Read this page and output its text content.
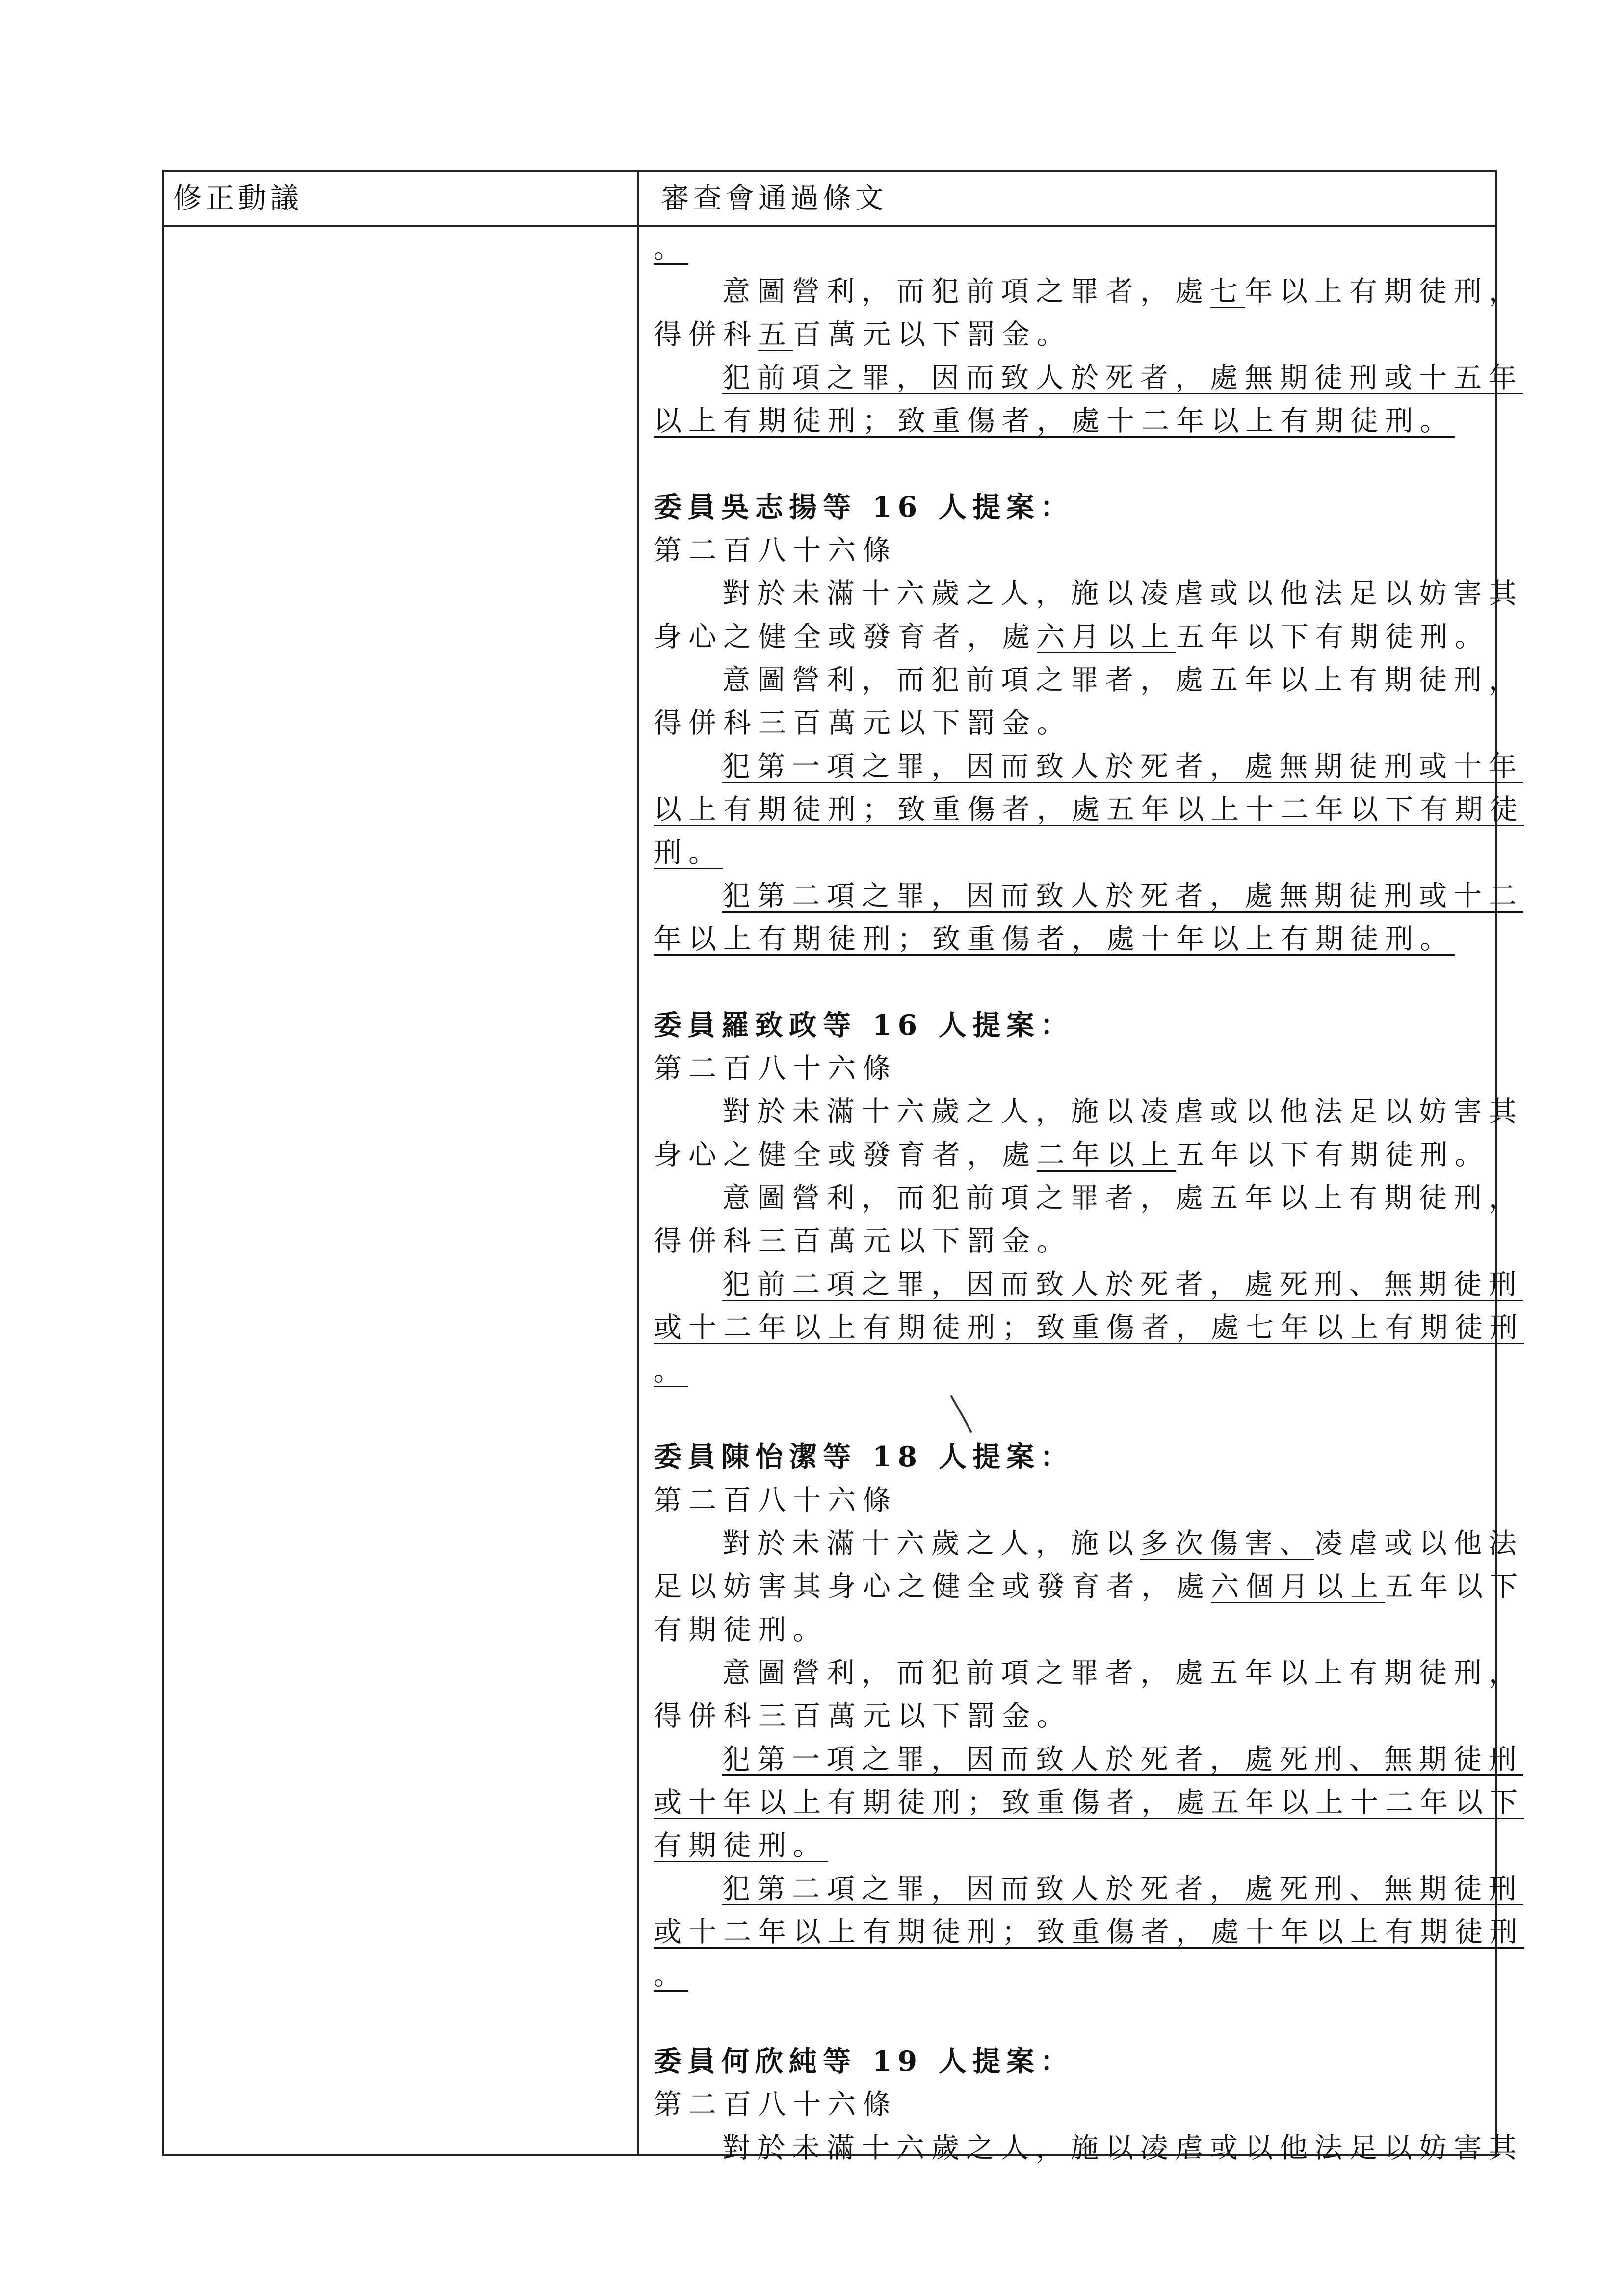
修正動議	審查會通過條文
。
意圖營利，而犯前項之罪者，處七年以上有期徒刑，
得併科五百萬元以下罰金。
犯前項之罪，因而致人於死者，處無期徒刑或十五年
以上有期徒刑；致重傷者，處十二年以上有期徒刑。
委員吳志揚等 16 人提案：
第二百八十六條
對於未滿十六歲之人，施以凌虐或以他法足以妨害其
身心之健全或發育者，處六月以上五年以下有期徒刑。
意圖營利，而犯前項之罪者，處五年以上有期徒刑，
得併科三百萬元以下罰金。
犯第一項之罪，因而致人於死者，處無期徒刑或十年
以上有期徒刑；致重傷者，處五年以上十二年以下有期徒
刑。
犯第二項之罪，因而致人於死者，處無期徒刑或十二
年以上有期徒刑；致重傷者，處十年以上有期徒刑。
委員羅致政等 16 人提案：
第二百八十六條
對於未滿十六歲之人，施以凌虐或以他法足以妨害其
身心之健全或發育者，處二年以上五年以下有期徒刑。
意圖營利，而犯前項之罪者，處五年以上有期徒刑，
得併科三百萬元以下罰金。
犯前二項之罪，因而致人於死者，處死刑、無期徒刑
或十二年以上有期徒刑；致重傷者，處七年以上有期徒刑
。
委員陳怡潔等 18 人提案：
第二百八十六條
對於未滿十六歲之人，施以多次傷害、凌虐或以他法
足以妨害其身心之健全或發育者，處六個月以上五年以下
有期徒刑。
意圖營利，而犯前項之罪者，處五年以上有期徒刑，
得併科三百萬元以下罰金。
犯第一項之罪，因而致人於死者，處死刑、無期徒刑
或十年以上有期徒刑；致重傷者，處五年以上十二年以下
有期徒刑。
犯第二項之罪，因而致人於死者，處死刑、無期徒刑
或十二年以上有期徒刑；致重傷者，處十年以上有期徒刑
。
委員何欣純等 19 人提案：
第二百八十六條
對於未滿十六歲之人，施以凌虐或以他法足以妨害其
